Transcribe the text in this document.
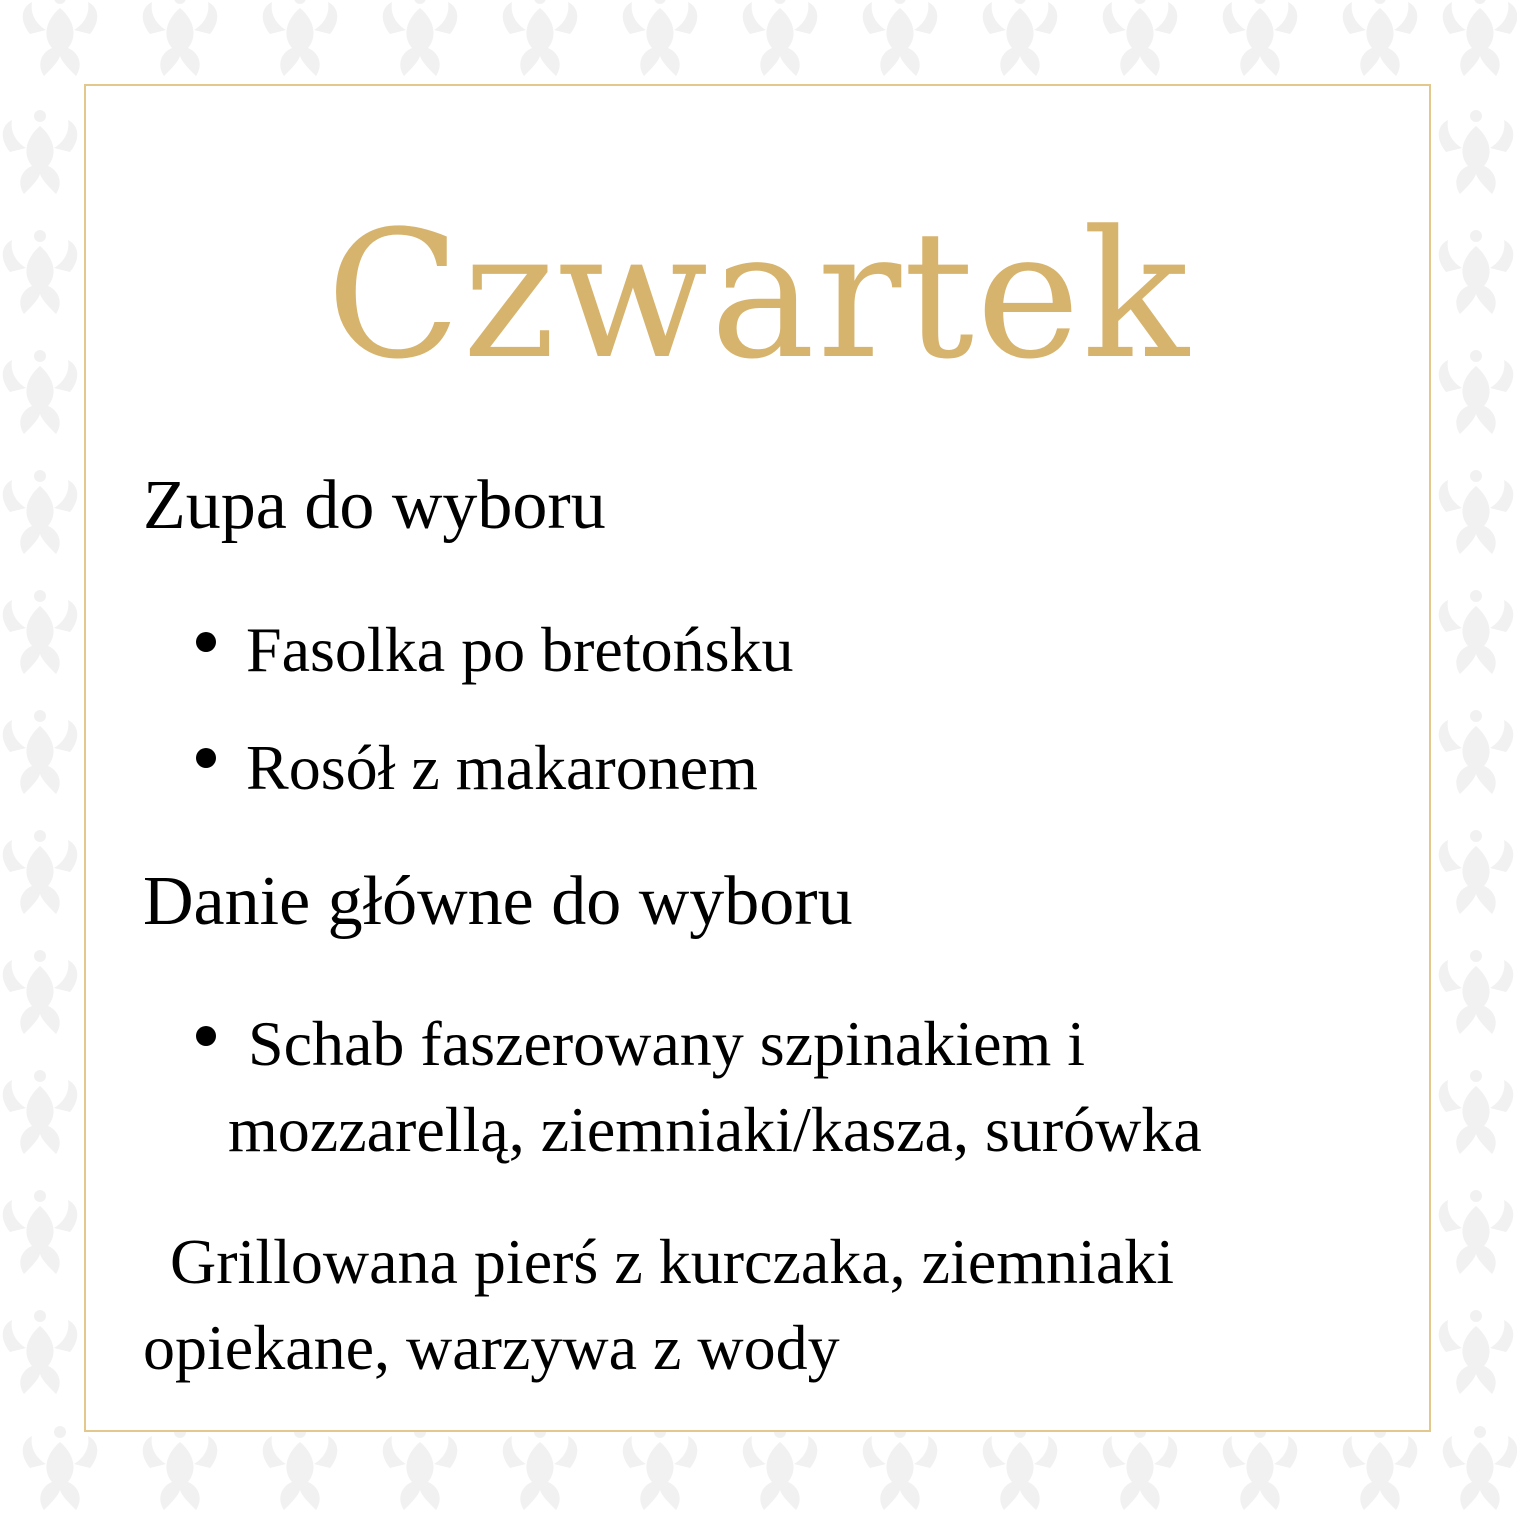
Czwartek
Zupa do wyboru
Fasolka po bretońsku
Rosół z makaronem
Danie główne do wyboru
Schab faszerowany szpinakiem i
mozzarellą, ziemniaki/kasza, surówka
Grillowana pierś z kurczaka, ziemniaki
opiekane, warzywa z wody
